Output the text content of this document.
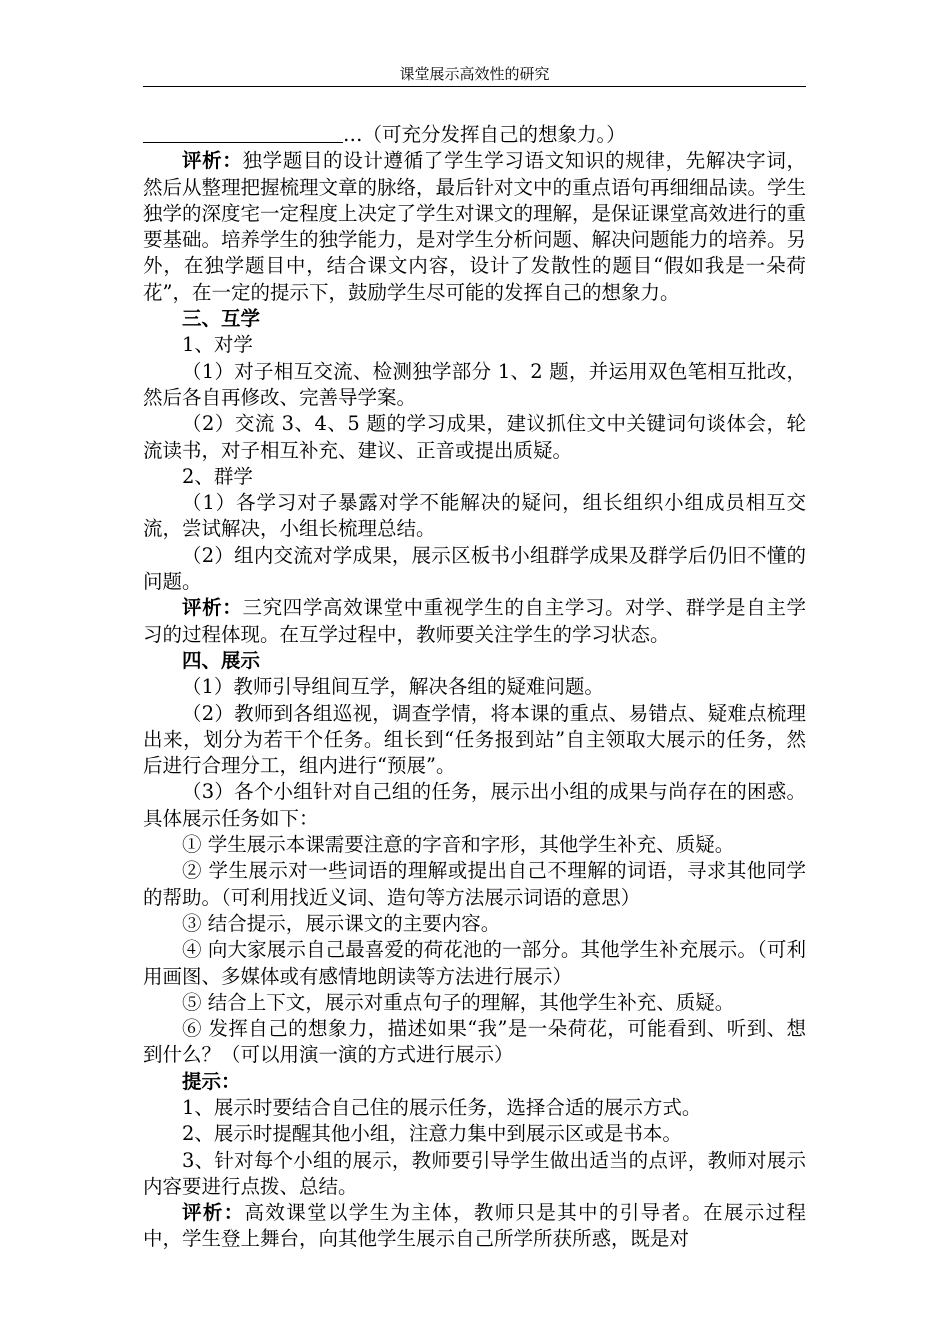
课堂展示高效性的研究

…（可充分发挥自己的想象力。）

评析：独学题目的设计遵循了学生学习语文知识的规律，先解决字词，然后从整理把握梳理文章的脉络，最后针对文中的重点语句再细细品读。学生独学的深度宅一定程度上决定了学生对课文的理解，是保证课堂高效进行的重要基础。培养学生的独学能力，是对学生分析问题、解决问题能力的培养。另外，在独学题目中，结合课文内容，设计了发散性的题目“假如我是一朵荷花”，在一定的提示下，鼓励学生尽可能的发挥自己的想象力。

三、互学

1、对学

（1）对子相互交流、检测独学部分 1、2 题，并运用双色笔相互批改，然后各自再修改、完善导学案。

（2）交流 3、4、5 题的学习成果，建议抓住文中关键词句谈体会，轮流读书，对子相互补充、建议、正音或提出质疑。

2、群学

（1）各学习对子暴露对学不能解决的疑问，组长组织小组成员相互交流，尝试解决，小组长梳理总结。

（2）组内交流对学成果，展示区板书小组群学成果及群学后仍旧不懂的问题。

评析：三究四学高效课堂中重视学生的自主学习。对学、群学是自主学习的过程体现。在互学过程中，教师要关注学生的学习状态。

四、展示

（1）教师引导组间互学，解决各组的疑难问题。

（2）教师到各组巡视，调查学情，将本课的重点、易错点、疑难点梳理出来，划分为若干个任务。组长到“任务报到站”自主领取大展示的任务，然后进行合理分工，组内进行“预展”。

（3）各个小组针对自己组的任务，展示出小组的成果与尚存在的困惑。具体展示任务如下：

① 学生展示本课需要注意的字音和字形，其他学生补充、质疑。

② 学生展示对一些词语的理解或提出自己不理解的词语，寻求其他同学的帮助。（可利用找近义词、造句等方法展示词语的意思）

③ 结合提示，展示课文的主要内容。

④ 向大家展示自己最喜爱的荷花池的一部分。其他学生补充展示。（可利用画图、多媒体或有感情地朗读等方法进行展示）

⑤ 结合上下文，展示对重点句子的理解，其他学生补充、质疑。

⑥ 发挥自己的想象力，描述如果“我”是一朵荷花，可能看到、听到、想到什么？（可以用演一演的方式进行展示）

提示：

1、展示时要结合自己住的展示任务，选择合适的展示方式。

2、展示时提醒其他小组，注意力集中到展示区或是书本。

3、针对每个小组的展示，教师要引导学生做出适当的点评，教师对展示内容要进行点拨、总结。

评析：高效课堂以学生为主体，教师只是其中的引导者。在展示过程中，学生登上舞台，向其他学生展示自己所学所获所惑，既是对
